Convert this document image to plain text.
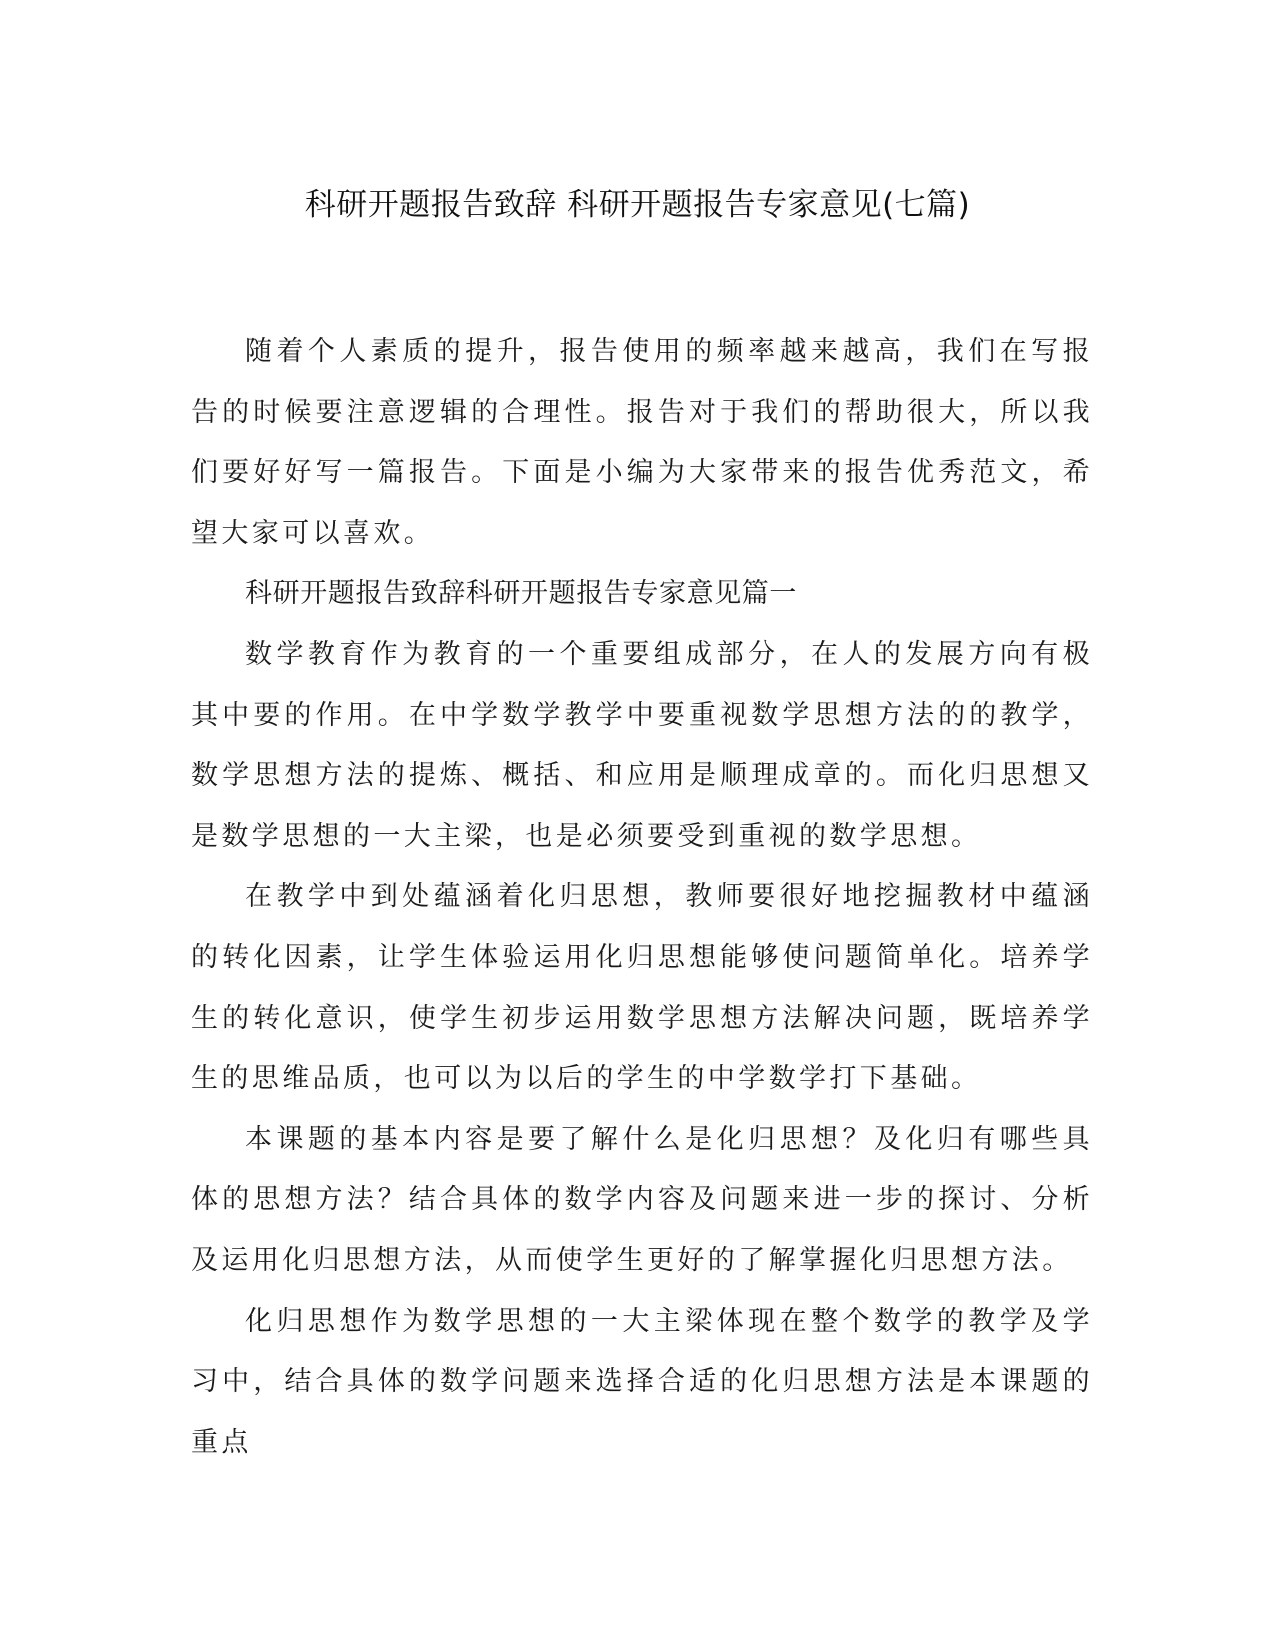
科研开题报告致辞 科研开题报告专家意见(七篇)

随着个人素质的提升，报告使用的频率越来越高，我们在写报告的时候要注意逻辑的合理性。报告对于我们的帮助很大，所以我们要好好写一篇报告。下面是小编为大家带来的报告优秀范文，希望大家可以喜欢。

科研开题报告致辞科研开题报告专家意见篇一

数学教育作为教育的一个重要组成部分，在人的发展方向有极其中要的作用。在中学数学教学中要重视数学思想方法的的教学，数学思想方法的提炼、概括、和应用是顺理成章的。而化归思想又是数学思想的一大主梁，也是必须要受到重视的数学思想。

在教学中到处蕴涵着化归思想，教师要很好地挖掘教材中蕴涵的转化因素，让学生体验运用化归思想能够使问题简单化。培养学生的转化意识，使学生初步运用数学思想方法解决问题，既培养学生的思维品质，也可以为以后的学生的中学数学打下基础。

本课题的基本内容是要了解什么是化归思想？及化归有哪些具体的思想方法？结合具体的数学内容及问题来进一步的探讨、分析及运用化归思想方法，从而使学生更好的了解掌握化归思想方法。

化归思想作为数学思想的一大主梁体现在整个数学的教学及学习中，结合具体的数学问题来选择合适的化归思想方法是本课题的重点
